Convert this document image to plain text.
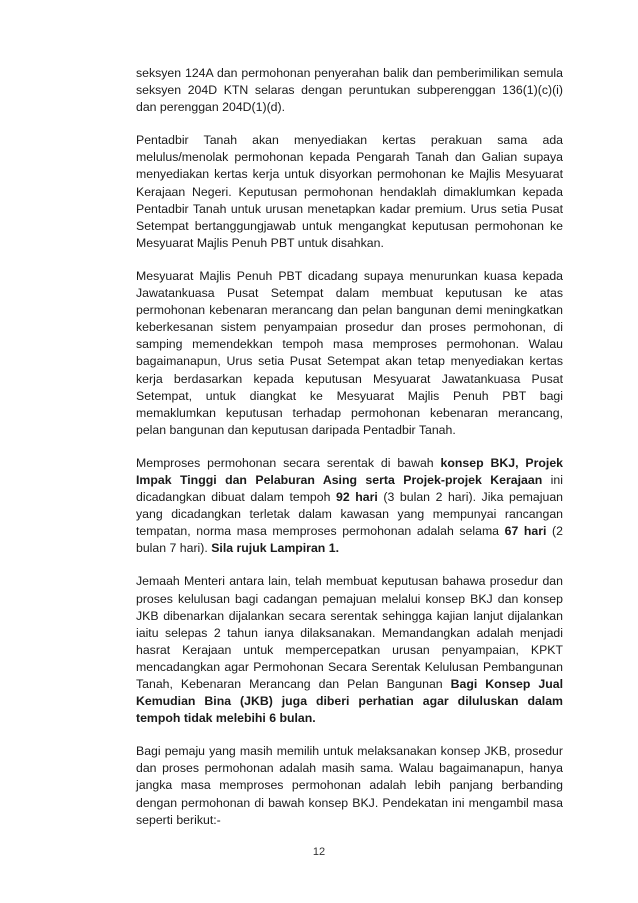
seksyen 124A dan permohonan penyerahan balik dan pemberimilikan semula seksyen 204D KTN selaras dengan peruntukan subperenggan 136(1)(c)(i) dan perenggan 204D(1)(d).

Pentadbir Tanah akan menyediakan kertas perakuan sama ada melulus/menolak permohonan kepada Pengarah Tanah dan Galian supaya menyediakan kertas kerja untuk disyorkan permohonan ke Majlis Mesyuarat Kerajaan Negeri. Keputusan permohonan hendaklah dimaklumkan kepada Pentadbir Tanah untuk urusan menetapkan kadar premium. Urus setia Pusat Setempat bertanggungjawab untuk mengangkat keputusan permohonan ke Mesyuarat Majlis Penuh PBT untuk disahkan.

Mesyuarat Majlis Penuh PBT dicadang supaya menurunkan kuasa kepada Jawatankuasa Pusat Setempat dalam membuat keputusan ke atas permohonan kebenaran merancang dan pelan bangunan demi meningkatkan keberkesanan sistem penyampaian prosedur dan proses permohonan, di samping memendekkan tempoh masa memproses permohonan. Walau bagaimanapun, Urus setia Pusat Setempat akan tetap menyediakan kertas kerja berdasarkan kepada keputusan Mesyuarat Jawatankuasa Pusat Setempat, untuk diangkat ke Mesyuarat Majlis Penuh PBT bagi memaklumkan keputusan terhadap permohonan kebenaran merancang, pelan bangunan dan keputusan daripada Pentadbir Tanah.

Memproses permohonan secara serentak di bawah konsep BKJ, Projek Impak Tinggi dan Pelaburan Asing serta Projek-projek Kerajaan ini dicadangkan dibuat dalam tempoh 92 hari (3 bulan 2 hari). Jika pemajuan yang dicadangkan terletak dalam kawasan yang mempunyai rancangan tempatan, norma masa memproses permohonan adalah selama 67 hari (2 bulan 7 hari). Sila rujuk Lampiran 1.

Jemaah Menteri antara lain, telah membuat keputusan bahawa prosedur dan proses kelulusan bagi cadangan pemajuan melalui konsep BKJ dan konsep JKB dibenarkan dijalankan secara serentak sehingga kajian lanjut dijalankan iaitu selepas 2 tahun ianya dilaksanakan. Memandangkan adalah menjadi hasrat Kerajaan untuk mempercepatkan urusan penyampaian, KPKT mencadangkan agar Permohonan Secara Serentak Kelulusan Pembangunan Tanah, Kebenaran Merancang dan Pelan Bangunan Bagi Konsep Jual Kemudian Bina (JKB) juga diberi perhatian agar diluluskan dalam tempoh tidak melebihi 6 bulan.

Bagi pemaju yang masih memilih untuk melaksanakan konsep JKB, prosedur dan proses permohonan adalah masih sama. Walau bagaimanapun, hanya jangka masa memproses permohonan adalah lebih panjang berbanding dengan permohonan di bawah konsep BKJ. Pendekatan ini mengambil masa seperti berikut:-

12
